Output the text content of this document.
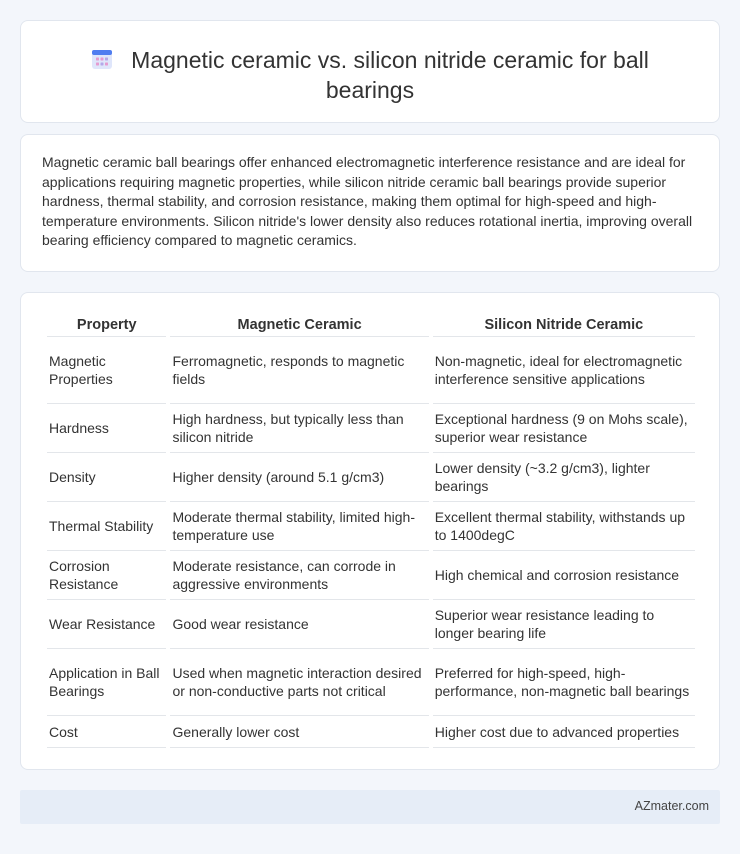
Magnetic ceramic vs. silicon nitride ceramic for ball bearings

Magnetic ceramic ball bearings offer enhanced electromagnetic interference resistance and are ideal for applications requiring magnetic properties, while silicon nitride ceramic ball bearings provide superior hardness, thermal stability, and corrosion resistance, making them optimal for high-speed and high-temperature environments. Silicon nitride's lower density also reduces rotational inertia, improving overall bearing efficiency compared to magnetic ceramics.

Property	Magnetic Ceramic	Silicon Nitride Ceramic
Magnetic Properties	Ferromagnetic, responds to magnetic fields	Non-magnetic, ideal for electromagnetic interference sensitive applications
Hardness	High hardness, but typically less than silicon nitride	Exceptional hardness (9 on Mohs scale), superior wear resistance
Density	Higher density (around 5.1 g/cm3)	Lower density (~3.2 g/cm3), lighter bearings
Thermal Stability	Moderate thermal stability, limited high-temperature use	Excellent thermal stability, withstands up to 1400degC
Corrosion Resistance	Moderate resistance, can corrode in aggressive environments	High chemical and corrosion resistance
Wear Resistance	Good wear resistance	Superior wear resistance leading to longer bearing life
Application in Ball Bearings	Used when magnetic interaction desired or non-conductive parts not critical	Preferred for high-speed, high-performance, non-magnetic ball bearings
Cost	Generally lower cost	Higher cost due to advanced properties
AZmater.com
